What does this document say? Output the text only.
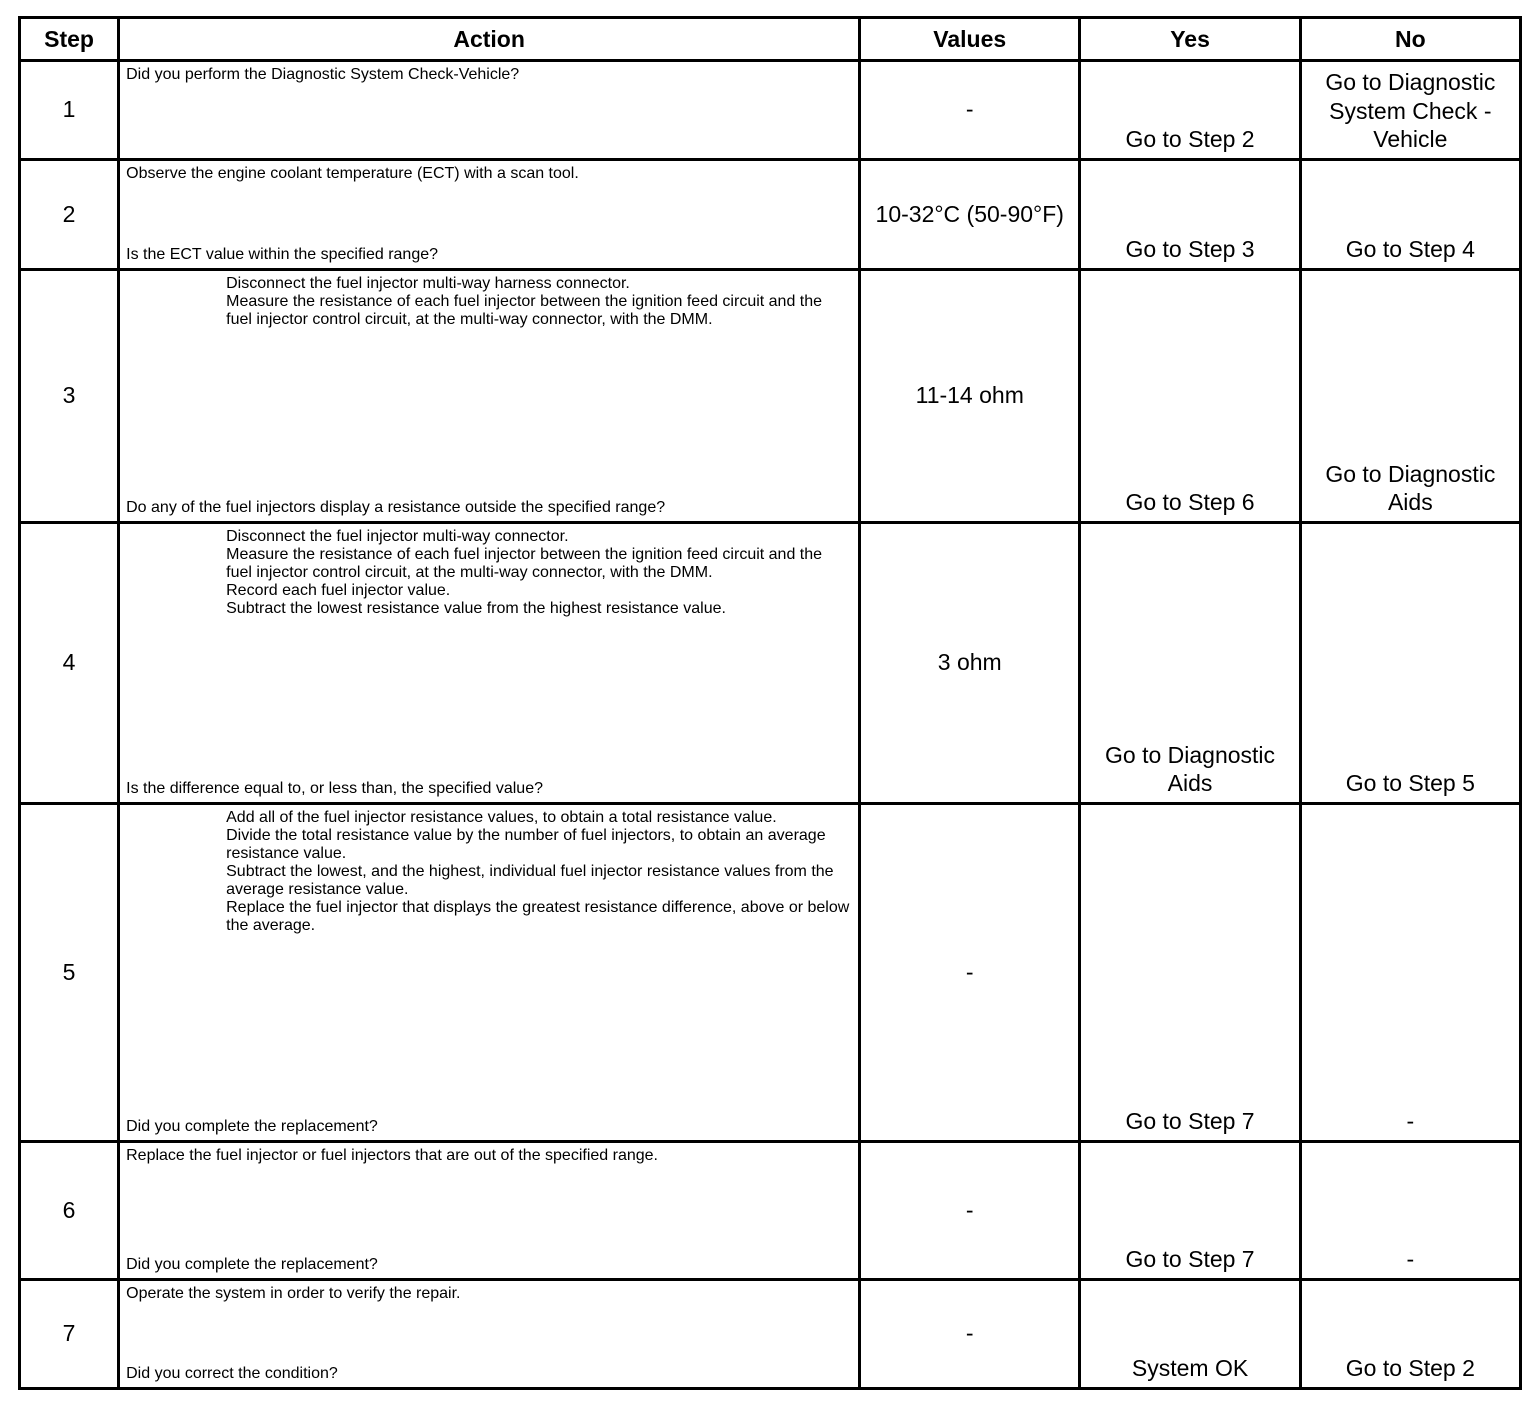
Step	Action	Values	Yes	No
1	Did you perform the Diagnostic System Check-Vehicle?	-	Go to Step 2	Go to Diagnostic System Check - Vehicle
2	Observe the engine coolant temperature (ECT) with a scan tool.
Is the ECT value within the specified range?	10-32°C (50-90°F)	Go to Step 3	Go to Step 4
3	Disconnect the fuel injector multi-way harness connector.
Measure the resistance of each fuel injector between the ignition feed circuit and the fuel injector control circuit, at the multi-way connector, with the DMM.
Do any of the fuel injectors display a resistance outside the specified range?	11-14 ohm	Go to Step 6	Go to Diagnostic Aids
4	Disconnect the fuel injector multi-way connector.
Measure the resistance of each fuel injector between the ignition feed circuit and the fuel injector control circuit, at the multi-way connector, with the DMM.
Record each fuel injector value.
Subtract the lowest resistance value from the highest resistance value.
Is the difference equal to, or less than, the specified value?	3 ohm	Go to Diagnostic Aids	Go to Step 5
5	Add all of the fuel injector resistance values, to obtain a total resistance value.
Divide the total resistance value by the number of fuel injectors, to obtain an average resistance value.
Subtract the lowest, and the highest, individual fuel injector resistance values from the average resistance value.
Replace the fuel injector that displays the greatest resistance difference, above or below the average.
Did you complete the replacement?	-	Go to Step 7	-
6	Replace the fuel injector or fuel injectors that are out of the specified range.
Did you complete the replacement?	-	Go to Step 7	-
7	Operate the system in order to verify the repair.
Did you correct the condition?	-	System OK	Go to Step 2
